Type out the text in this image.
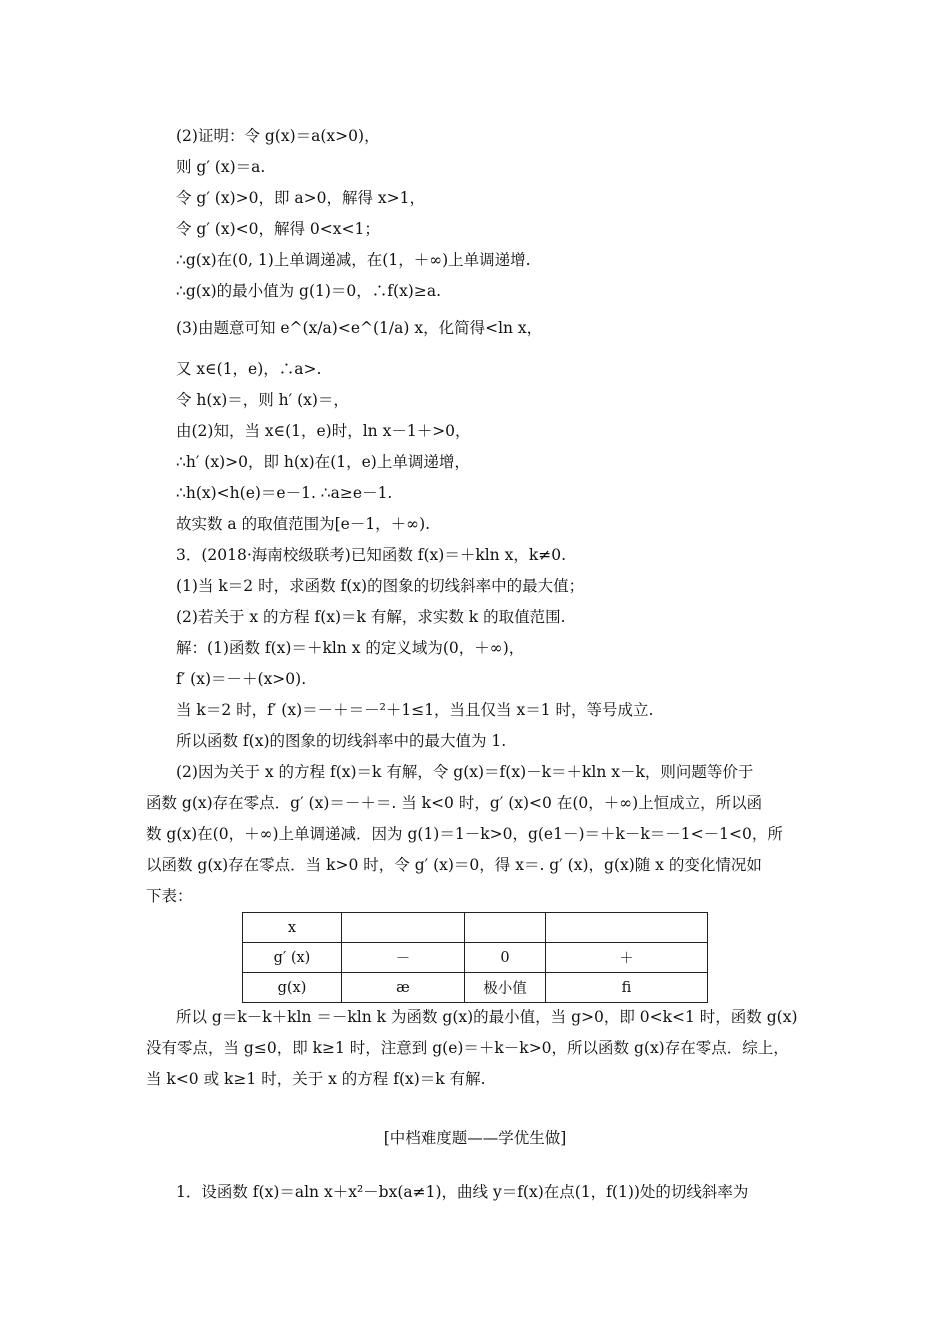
(2)证明：令 g(x)＝a(x>0)，
则 g′ (x)＝a.
令 g′ (x)>0，即 a>0，解得 x>1，
令 g′ (x)<0，解得 0<x<1；
∴g(x)在(0, 1)上单调递减，在(1，＋∞)上单调递增.
∴g(x)的最小值为 g(1)＝0，∴f(x)≥a.
(3)由题意可知 e^(x/a)<e^(1/a) x，化简得<ln x，
又 x∈(1，e)，∴a>.
令 h(x)＝，则 h′ (x)＝，
由(2)知，当 x∈(1，e)时，ln x－1＋>0，
∴h′ (x)>0，即 h(x)在(1，e)上单调递增，
∴h(x)<h(e)＝e－1. ∴a≥e－1.
故实数 a 的取值范围为[e－1，＋∞).
3．(2018·海南校级联考)已知函数 f(x)＝＋kln x，k≠0.
(1)当 k＝2 时，求函数 f(x)的图象的切线斜率中的最大值；
(2)若关于 x 的方程 f(x)＝k 有解，求实数 k 的取值范围.
解：(1)函数 f(x)＝＋kln x 的定义域为(0，＋∞)，
f′ (x)＝－＋(x>0).
当 k＝2 时，f′ (x)＝－＋＝－²＋1≤1，当且仅当 x＝1 时，等号成立.
所以函数 f(x)的图象的切线斜率中的最大值为 1.
(2)因为关于 x 的方程 f(x)＝k 有解，令 g(x)＝f(x)－k＝＋kln x－k，则问题等价于
函数 g(x)存在零点．g′ (x)＝－＋＝. 当 k<0 时，g′ (x)<0 在(0，＋∞)上恒成立，所以函
数 g(x)在(0，＋∞)上单调递减．因为 g(1)＝1－k>0，g(e1－)＝＋k－k＝－1<－1<0，所
以函数 g(x)存在零点．当 k>0 时，令 g′ (x)＝0，得 x＝. g′ (x)，g(x)随 x 的变化情况如
下表：
x			
g′ (x)	－	0	＋
g(x)	æ	极小值	ﬁ
所以 g＝k－k＋kln ＝－kln k 为函数 g(x)的最小值，当 g>0，即 0<k<1 时，函数 g(x)
没有零点，当 g≤0，即 k≥1 时，注意到 g(e)＝＋k－k>0，所以函数 g(x)存在零点．综上，
当 k<0 或 k≥1 时，关于 x 的方程 f(x)＝k 有解.
[中档难度题——学优生做]
1．设函数 f(x)＝aln x＋x²－bx(a≠1)，曲线 y＝f(x)在点(1，f(1))处的切线斜率为
